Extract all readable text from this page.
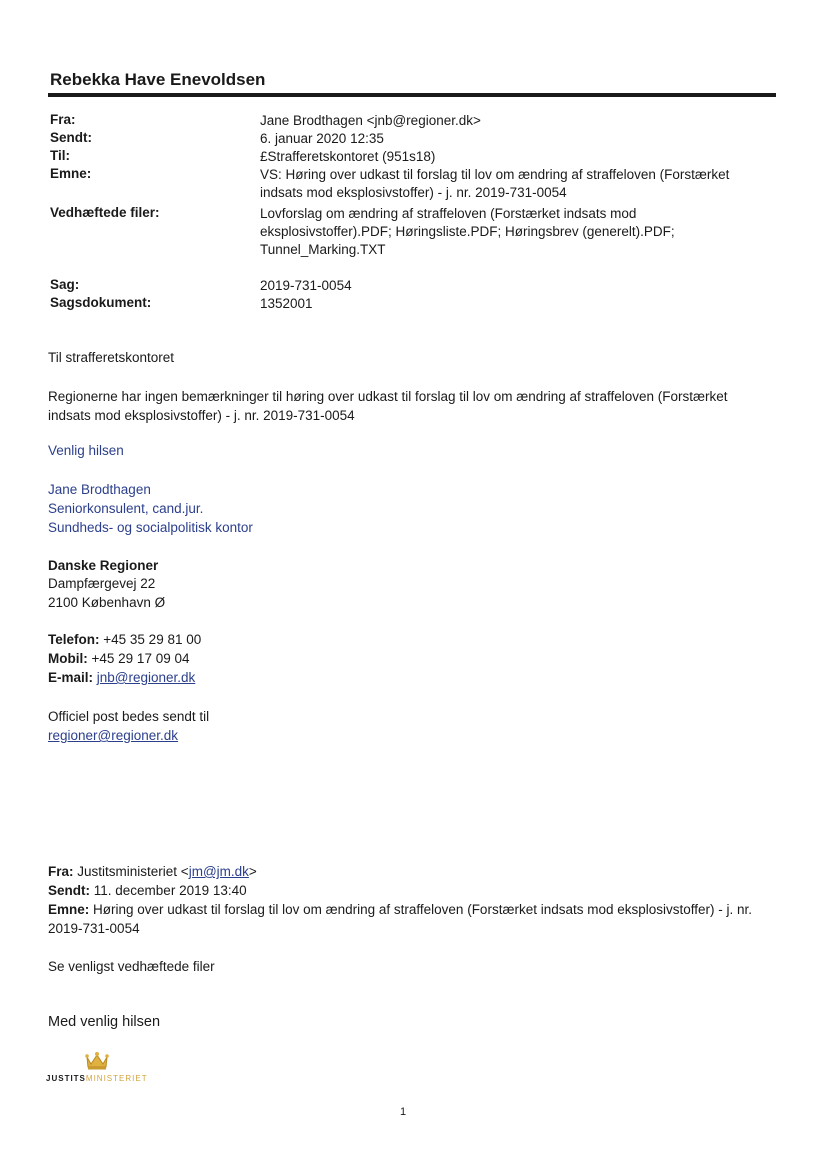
Rebekka Have Enevoldsen
Fra:	Jane Brodthagen <jnb@regioner.dk>
Sendt:	6. januar 2020 12:35
Til:	£Strafferetskontoret (951s18)
Emne:	VS: Høring over udkast til forslag til lov om ændring af straffeloven (Forstærket indsats mod eksplosivstoffer) - j. nr. 2019-731-0054
Vedhæftede filer:	Lovforslag om ændring af straffeloven (Forstærket indsats mod eksplosivstoffer).PDF; Høringsliste.PDF; Høringsbrev (generelt).PDF; Tunnel_Marking.TXT
Sag:	2019-731-0054
Sagsdokument:	1352001
Til strafferetskontoret
Regionerne har ingen bemærkninger til høring over udkast til forslag til lov om ændring af straffeloven (Forstærket indsats mod eksplosivstoffer) - j. nr. 2019-731-0054
Venlig hilsen
Jane Brodthagen
Seniorkonsulent, cand.jur.
Sundheds- og socialpolitisk kontor
Danske Regioner
Dampfærgevej 22
2100 København Ø
Telefon: +45 35 29 81 00
Mobil: +45 29 17 09 04
E-mail: jnb@regioner.dk
Officiel post bedes sendt til
regioner@regioner.dk
Fra: Justitsministeriet <jm@jm.dk>
Sendt: 11. december 2019 13:40
Emne: Høring over udkast til forslag til lov om ændring af straffeloven (Forstærket indsats mod eksplosivstoffer) - j. nr. 2019-731-0054
Se venligst vedhæftede filer
Med venlig hilsen
JUSTITSMINISTERIET
1
